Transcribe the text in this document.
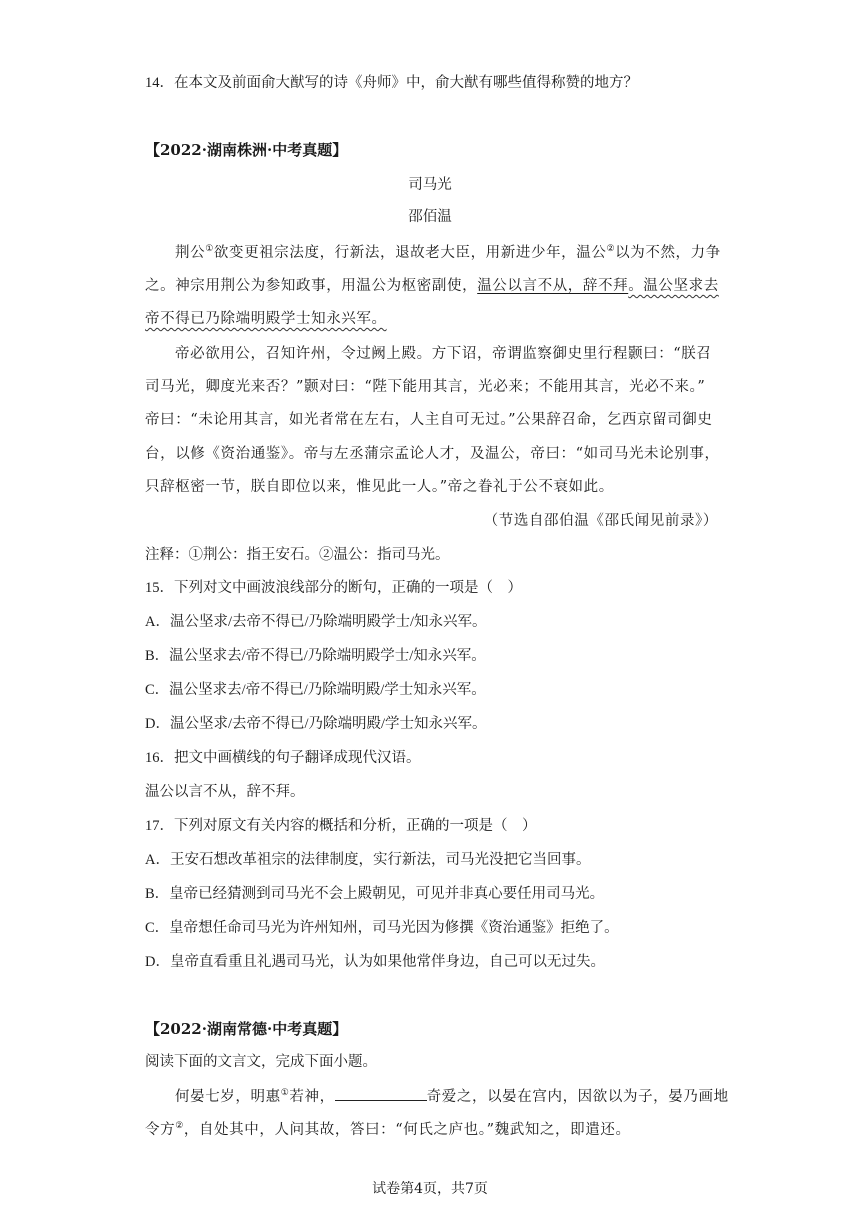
14．在本文及前面俞大猷写的诗《舟师》中，俞大猷有哪些值得称赞的地方？
【2022·湖南株洲·中考真题】
司马光
邵佰温
荆公①欲变更祖宗法度，行新法，退故老大臣，用新进少年，温公②以为不然，力争
之。神宗用荆公为参知政事，用温公为枢密副使，温公以言不从，辞不拜。温公坚求去
帝不得已乃除端明殿学士知永兴军。
帝必欲用公，召知许州，令过阙上殿。方下诏，帝谓监察御史里行程颢曰：“朕召
司马光，卿度光来否？”颢对曰：“陛下能用其言，光必来；不能用其言，光必不来。”
帝曰：“未论用其言，如光者常在左右，人主自可无过。”公果辞召命，乞西京留司御史
台，以修《资治通鉴》。帝与左丞蒲宗孟论人才，及温公，帝曰：“如司马光未论别事，
只辞枢密一节，朕自即位以来，惟见此一人。”帝之眷礼于公不衰如此。
（节选自邵伯温《邵氏闻见前录》）
注释：①荆公：指王安石。②温公：指司马光。
15．下列对文中画波浪线部分的断句，正确的一项是（　）
A．温公坚求/去帝不得已/乃除端明殿学士/知永兴军。
B．温公坚求去/帝不得已/乃除端明殿学士/知永兴军。
C．温公坚求去/帝不得已/乃除端明殿/学士知永兴军。
D．温公坚求/去帝不得已/乃除端明殿/学士知永兴军。
16．把文中画横线的句子翻译成现代汉语。
温公以言不从，辞不拜。
17．下列对原文有关内容的概括和分析，正确的一项是（　）
A．王安石想改革祖宗的法律制度，实行新法，司马光没把它当回事。
B．皇帝已经猜测到司马光不会上殿朝见，可见并非真心要任用司马光。
C．皇帝想任命司马光为许州知州，司马光因为修撰《资治通鉴》拒绝了。
D．皇帝直看重且礼遇司马光，认为如果他常伴身边，自己可以无过失。
【2022·湖南常德·中考真题】
阅读下面的文言文，完成下面小题。
何晏七岁，明惠①若神，	奇爱之，以晏在宫内，因欲以为子，晏乃画地
令方②，自处其中，人问其故，答曰：“何氏之庐也。”魏武知之，即遣还。
试卷第4页，共7页
